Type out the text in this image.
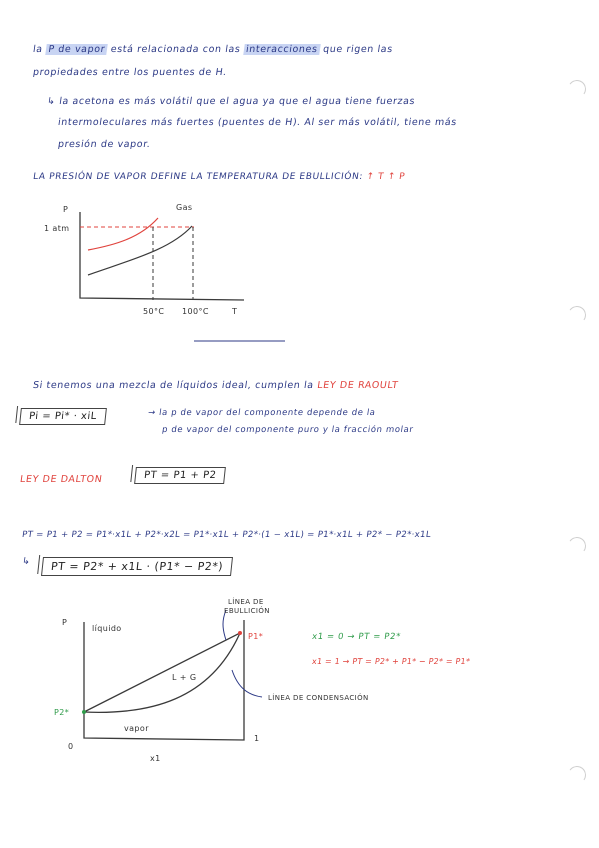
la P de vapor está relacionada con las interacciones que rigen las
propiedades entre los puentes de H.
↳ la acetona es más volátil que el agua ya que el agua tiene fuerzas
intermoleculares más fuertes (puentes de H). Al ser más volátil, tiene más
presión de vapor.
LA PRESIÓN DE VAPOR DEFINE LA TEMPERATURA DE EBULLICIÓN: ↑ T ↑ P
P
1 atm
Gas
50°C 100°C	T
Si tenemos una mezcla de líquidos ideal, cumplen la LEY DE RAOULT
Pi = Pi* · xiL	→ la p de vapor del componente depende de la
p de vapor del componente puro y la fracción molar
LEY DE DALTON	PT = P1 + P2
PT = P1 + P2 = P1*·x1L + P2*·x2L = P1*·x1L + P2*·(1 − x1L) = P1*·x1L + P2* − P2*·x1L
↳	PT = P2* + x1L · (P1* − P2*)
P
líquido
L + G
vapor
LÍNEA DE
EBULLICIÓN
LÍNEA DE CONDENSACIÓN
P1*
P2*
0
1
x1
x1 = 0 → PT = P2*
x1 = 1 → PT = P2* + P1* − P2* = P1*
